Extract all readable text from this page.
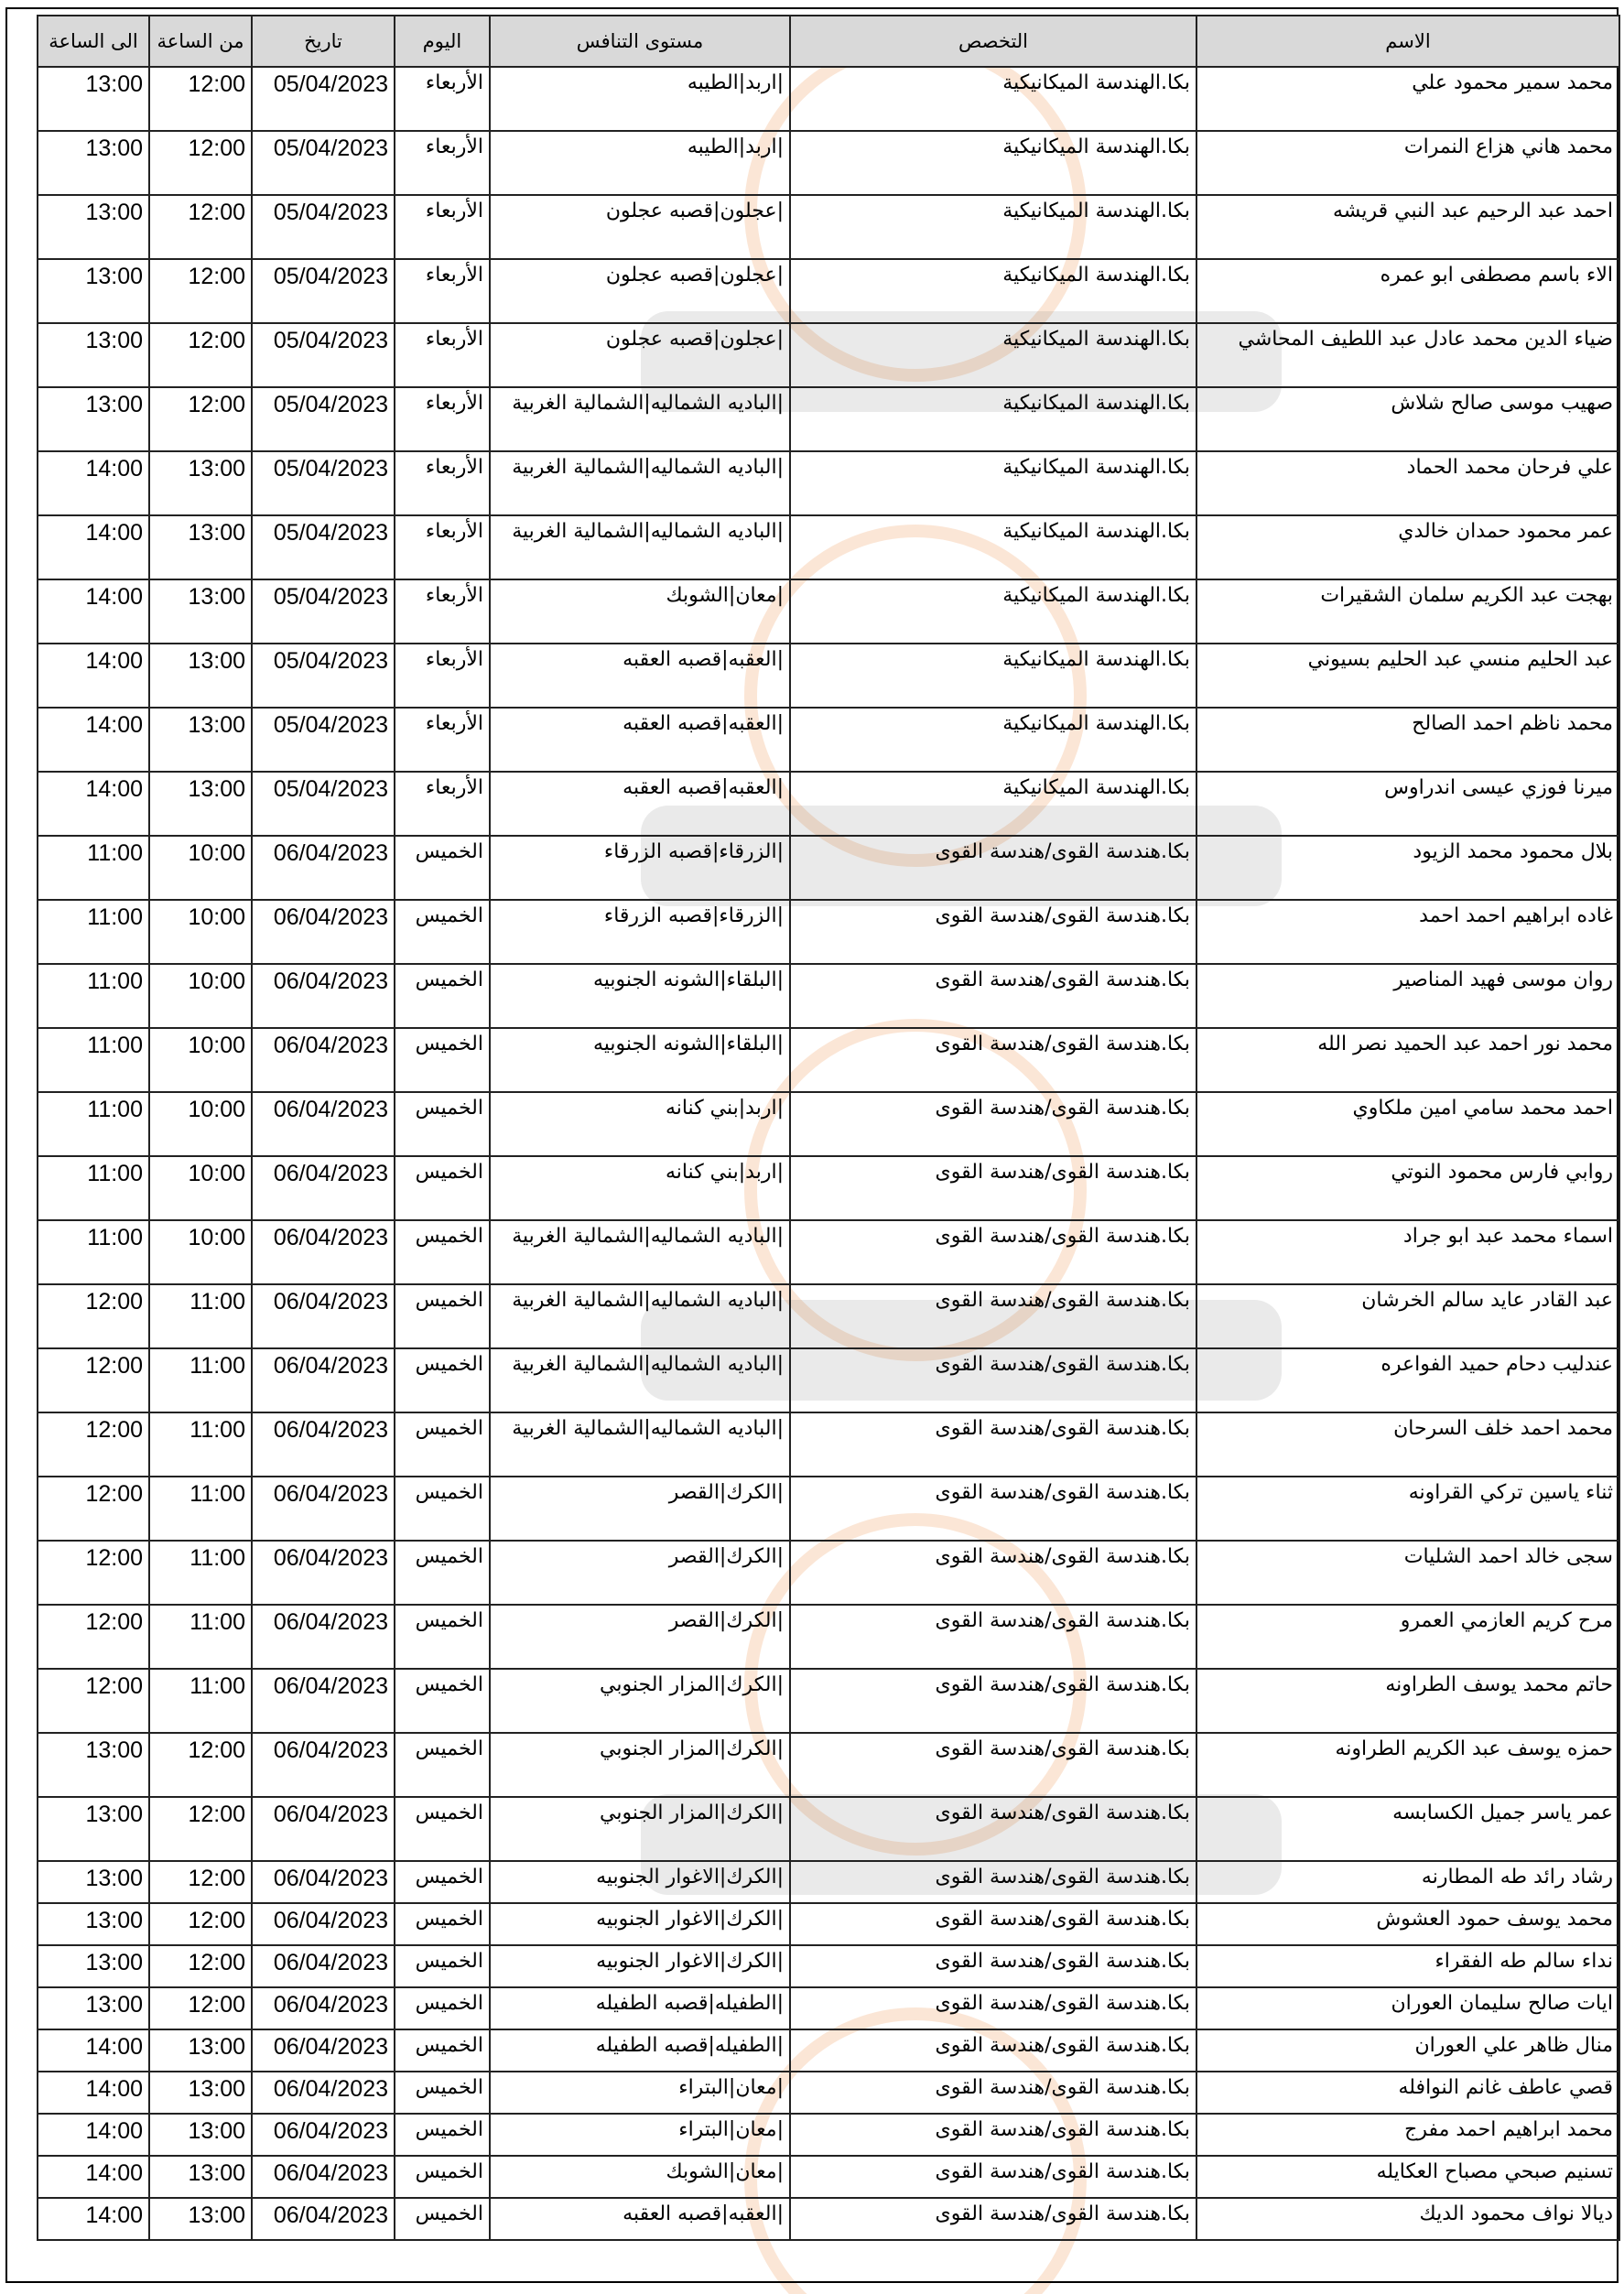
الاسم	التخصص	مستوى التنافس	اليوم	تاريخ	من الساعة	الى الساعة
محمد سمير محمود علي	بكا.الهندسة الميكانيكية	|اربد|الطيبه	الأربعاء	05/04/2023	12:00	13:00
محمد هاني هزاع النمرات	بكا.الهندسة الميكانيكية	|اربد|الطيبه	الأربعاء	05/04/2023	12:00	13:00
احمد عبد الرحيم عبد النبي قريشه	بكا.الهندسة الميكانيكية	|عجلون|قصبه عجلون	الأربعاء	05/04/2023	12:00	13:00
الاء باسم مصطفى ابو عمره	بكا.الهندسة الميكانيكية	|عجلون|قصبه عجلون	الأربعاء	05/04/2023	12:00	13:00
ضياء الدين محمد عادل عبد اللطيف المحاشي	بكا.الهندسة الميكانيكية	|عجلون|قصبه عجلون	الأربعاء	05/04/2023	12:00	13:00
صهيب موسى صالح شلاش	بكا.الهندسة الميكانيكية	|الباديه الشماليه|الشمالية الغربية	الأربعاء	05/04/2023	12:00	13:00
علي فرحان محمد الحماد	بكا.الهندسة الميكانيكية	|الباديه الشماليه|الشمالية الغربية	الأربعاء	05/04/2023	13:00	14:00
عمر محمود حمدان خالدي	بكا.الهندسة الميكانيكية	|الباديه الشماليه|الشمالية الغربية	الأربعاء	05/04/2023	13:00	14:00
بهجت عبد الكريم سلمان الشقيرات	بكا.الهندسة الميكانيكية	|معان|الشوبك	الأربعاء	05/04/2023	13:00	14:00
عبد الحليم منسي عبد الحليم بسيوني	بكا.الهندسة الميكانيكية	|العقبه|قصبه العقبه	الأربعاء	05/04/2023	13:00	14:00
محمد ناظم احمد الصالح	بكا.الهندسة الميكانيكية	|العقبه|قصبه العقبه	الأربعاء	05/04/2023	13:00	14:00
ميرنا فوزي عيسى اندراوس	بكا.الهندسة الميكانيكية	|العقبه|قصبه العقبه	الأربعاء	05/04/2023	13:00	14:00
بلال محمود محمد الزيود	بكا.هندسة القوى/هندسة القوى	|الزرقاء|قصبه الزرقاء	الخميس	06/04/2023	10:00	11:00
غاده ابراهيم احمد احمد	بكا.هندسة القوى/هندسة القوى	|الزرقاء|قصبه الزرقاء	الخميس	06/04/2023	10:00	11:00
روان موسى فهيد المناصير	بكا.هندسة القوى/هندسة القوى	|البلقاء|الشونه الجنوبيه	الخميس	06/04/2023	10:00	11:00
محمد نور احمد عبد الحميد نصر الله	بكا.هندسة القوى/هندسة القوى	|البلقاء|الشونه الجنوبيه	الخميس	06/04/2023	10:00	11:00
احمد محمد سامي امين ملكاوي	بكا.هندسة القوى/هندسة القوى	|اربد|بني كنانه	الخميس	06/04/2023	10:00	11:00
روابي فارس محمود النوتي	بكا.هندسة القوى/هندسة القوى	|اربد|بني كنانه	الخميس	06/04/2023	10:00	11:00
اسماء محمد عبد ابو جراد	بكا.هندسة القوى/هندسة القوى	|الباديه الشماليه|الشمالية الغربية	الخميس	06/04/2023	10:00	11:00
عبد القادر عايد سالم الخرشان	بكا.هندسة القوى/هندسة القوى	|الباديه الشماليه|الشمالية الغربية	الخميس	06/04/2023	11:00	12:00
عندليب دحام حميد الفواعره	بكا.هندسة القوى/هندسة القوى	|الباديه الشماليه|الشمالية الغربية	الخميس	06/04/2023	11:00	12:00
محمد احمد خلف السرحان	بكا.هندسة القوى/هندسة القوى	|الباديه الشماليه|الشمالية الغربية	الخميس	06/04/2023	11:00	12:00
ثناء ياسين تركي القراونه	بكا.هندسة القوى/هندسة القوى	|الكرك|القصر	الخميس	06/04/2023	11:00	12:00
سجى خالد احمد الشليات	بكا.هندسة القوى/هندسة القوى	|الكرك|القصر	الخميس	06/04/2023	11:00	12:00
مرح كريم العازمي العمرو	بكا.هندسة القوى/هندسة القوى	|الكرك|القصر	الخميس	06/04/2023	11:00	12:00
حاتم محمد يوسف الطراونه	بكا.هندسة القوى/هندسة القوى	|الكرك|المزار الجنوبي	الخميس	06/04/2023	11:00	12:00
حمزه يوسف عبد الكريم الطراونه	بكا.هندسة القوى/هندسة القوى	|الكرك|المزار الجنوبي	الخميس	06/04/2023	12:00	13:00
عمر ياسر جميل الكسابسه	بكا.هندسة القوى/هندسة القوى	|الكرك|المزار الجنوبي	الخميس	06/04/2023	12:00	13:00
رشاد رائد طه المطارنه	بكا.هندسة القوى/هندسة القوى	|الكرك|الاغوار الجنوبيه	الخميس	06/04/2023	12:00	13:00
محمد يوسف حمود العشوش	بكا.هندسة القوى/هندسة القوى	|الكرك|الاغوار الجنوبيه	الخميس	06/04/2023	12:00	13:00
نداء سالم طه الفقراء	بكا.هندسة القوى/هندسة القوى	|الكرك|الاغوار الجنوبيه	الخميس	06/04/2023	12:00	13:00
ايات صالح سليمان العوران	بكا.هندسة القوى/هندسة القوى	|الطفيله|قصبه الطفيله	الخميس	06/04/2023	12:00	13:00
منال ظاهر علي العوران	بكا.هندسة القوى/هندسة القوى	|الطفيله|قصبه الطفيله	الخميس	06/04/2023	13:00	14:00
قصي عاطف غانم النوافله	بكا.هندسة القوى/هندسة القوى	|معان|البتراء	الخميس	06/04/2023	13:00	14:00
محمد ابراهيم احمد مفرج	بكا.هندسة القوى/هندسة القوى	|معان|البتراء	الخميس	06/04/2023	13:00	14:00
تسنيم صبحي مصباح العكايله	بكا.هندسة القوى/هندسة القوى	|معان|الشوبك	الخميس	06/04/2023	13:00	14:00
ديالا نواف محمود الديك	بكا.هندسة القوى/هندسة القوى	|العقبه|قصبه العقبه	الخميس	06/04/2023	13:00	14:00
